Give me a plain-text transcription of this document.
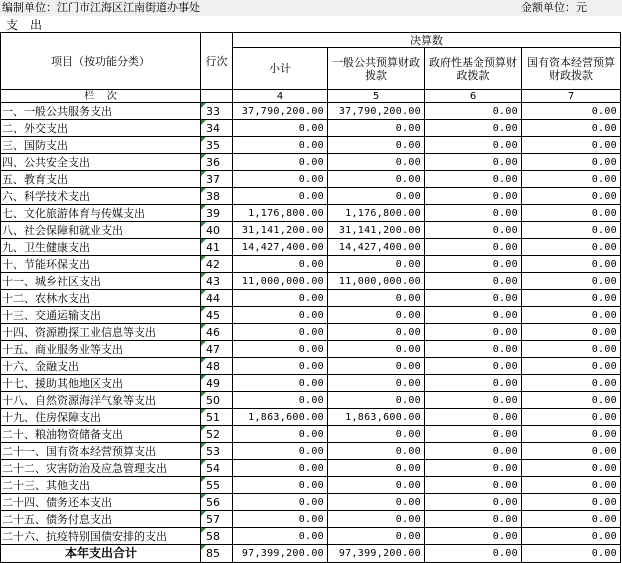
编制单位：江门市江海区江南街道办事处	金额单位：元
支出
项目（按功能分类）	行次	决算数			
		小计	一般公共预算财政拨款	政府性基金预算财政拨款	国有资本经营预算财政拨款
栏    次		4	5	6	7
一、一般公共服务支出	33	37,790,200.00	37,790,200.00	0.00	0.00
二、外交支出	34	0.00	0.00	0.00	0.00
三、国防支出	35	0.00	0.00	0.00	0.00
四、公共安全支出	36	0.00	0.00	0.00	0.00
五、教育支出	37	0.00	0.00	0.00	0.00
六、科学技术支出	38	0.00	0.00	0.00	0.00
七、文化旅游体育与传媒支出	39	1,176,800.00	1,176,800.00	0.00	0.00
八、社会保障和就业支出	40	31,141,200.00	31,141,200.00	0.00	0.00
九、卫生健康支出	41	14,427,400.00	14,427,400.00	0.00	0.00
十、节能环保支出	42	0.00	0.00	0.00	0.00
十一、城乡社区支出	43	11,000,000.00	11,000,000.00	0.00	0.00
十二、农林水支出	44	0.00	0.00	0.00	0.00
十三、交通运输支出	45	0.00	0.00	0.00	0.00
十四、资源勘探工业信息等支出	46	0.00	0.00	0.00	0.00
十五、商业服务业等支出	47	0.00	0.00	0.00	0.00
十六、金融支出	48	0.00	0.00	0.00	0.00
十七、援助其他地区支出	49	0.00	0.00	0.00	0.00
十八、自然资源海洋气象等支出	50	0.00	0.00	0.00	0.00
十九、住房保障支出	51	1,863,600.00	1,863,600.00	0.00	0.00
二十、粮油物资储备支出	52	0.00	0.00	0.00	0.00
二十一、国有资本经营预算支出	53	0.00	0.00	0.00	0.00
二十二、灾害防治及应急管理支出	54	0.00	0.00	0.00	0.00
二十三、其他支出	55	0.00	0.00	0.00	0.00
二十四、债务还本支出	56	0.00	0.00	0.00	0.00
二十五、债务付息支出	57	0.00	0.00	0.00	0.00
二十六、抗疫特别国债安排的支出	58	0.00	0.00	0.00	0.00
本年支出合计	85	97,399,200.00	97,399,200.00	0.00	0.00
